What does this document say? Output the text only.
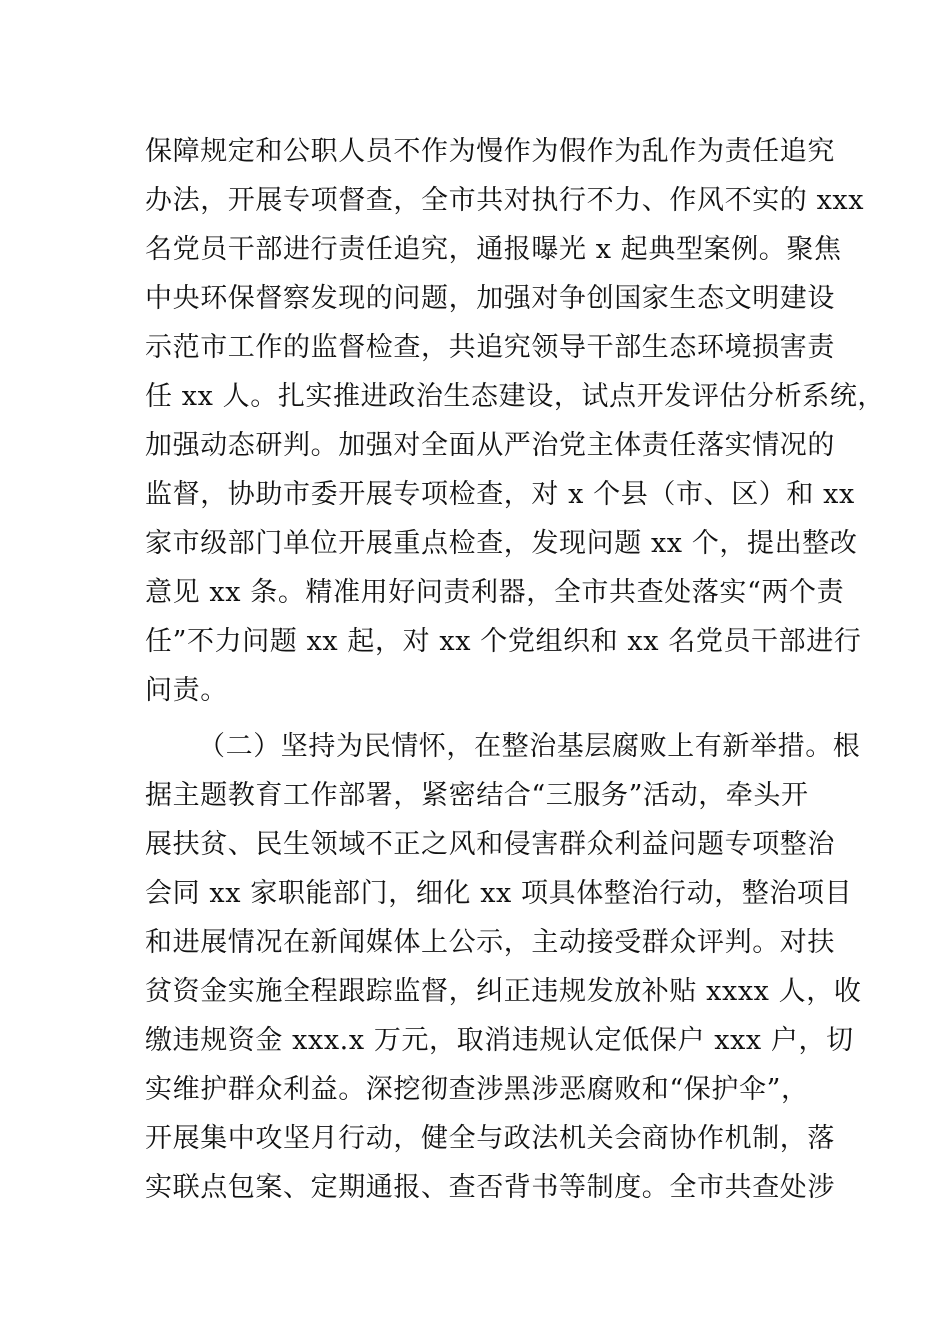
保障规定和公职人员不作为慢作为假作为乱作为责任追究
办法，开展专项督查，全市共对执行不力、作风不实的 xxx
名党员干部进行责任追究，通报曝光 x 起典型案例。聚焦
中央环保督察发现的问题，加强对争创国家生态文明建设
示范市工作的监督检查，共追究领导干部生态环境损害责
任 xx 人。扎实推进政治生态建设，试点开发评估分析系统，
加强动态研判。加强对全面从严治党主体责任落实情况的
监督，协助市委开展专项检查，对 x 个县（市、区）和 xx
家市级部门单位开展重点检查，发现问题 xx 个，提出整改
意见 xx 条。精准用好问责利器，全市共查处落实“两个责
任”不力问题 xx 起，对 xx 个党组织和 xx 名党员干部进行
问责。
（二）坚持为民情怀，在整治基层腐败上有新举措。根
据主题教育工作部署，紧密结合“三服务”活动，牵头开
展扶贫、民生领域不正之风和侵害群众利益问题专项整治
会同 xx 家职能部门，细化 xx 项具体整治行动，整治项目
和进展情况在新闻媒体上公示，主动接受群众评判。对扶
贫资金实施全程跟踪监督，纠正违规发放补贴 xxxx 人，收
缴违规资金 xxx.x 万元，取消违规认定低保户 xxx 户，切
实维护群众利益。深挖彻查涉黑涉恶腐败和“保护伞”，
开展集中攻坚月行动，健全与政法机关会商协作机制，落
实联点包案、定期通报、查否背书等制度。全市共查处涉
